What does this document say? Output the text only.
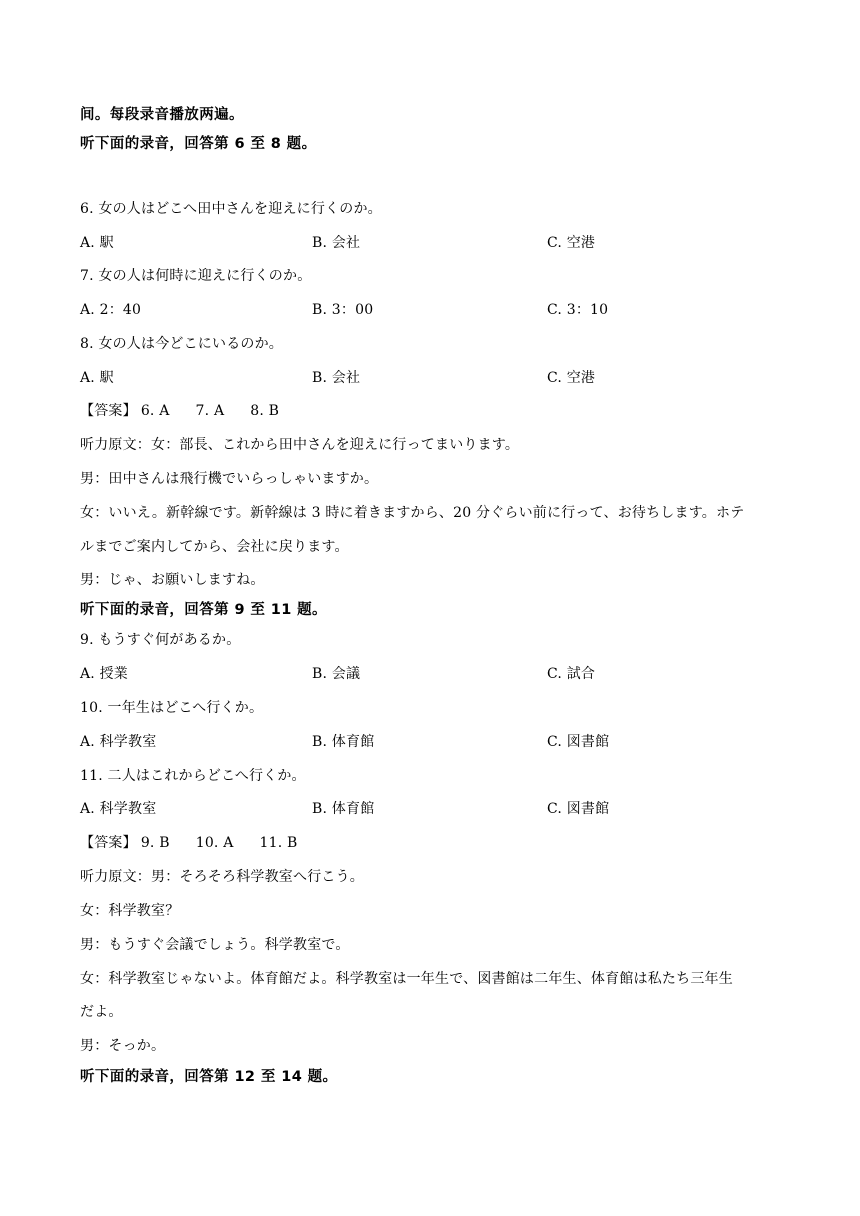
间。每段录音播放两遍。
听下面的录音，回答第 6 至 8 题。
6. 女の人はどこへ田中さんを迎えに行くのか。
A. 駅	B. 会社	C. 空港
7. 女の人は何時に迎えに行くのか。
A. 2：40	B. 3：00	C. 3：10
8. 女の人は今どこにいるのか。
A. 駅	B. 会社	C. 空港
【答案】 6. A 7. A 8. B
听力原文：女：部長、これから田中さんを迎えに行ってまいります。
男：田中さんは飛行機でいらっしゃいますか。
女：いいえ。新幹線です。新幹線は 3 時に着きますから、20 分ぐらい前に行って、お待ちします。ホテ
ルまでご案内してから、会社に戻ります。
男：じゃ、お願いしますね。
听下面的录音，回答第 9 至 11 题。
9. もうすぐ何があるか。
A. 授業	B. 会議	C. 試合
10. 一年生はどこへ行くか。
A. 科学教室	B. 体育館	C. 図書館
11. 二人はこれからどこへ行くか。
A. 科学教室	B. 体育館	C. 図書館
【答案】 9. B 10. A 11. B
听力原文：男：そろそろ科学教室へ行こう。
女：科学教室？
男：もうすぐ会議でしょう。科学教室で。
女：科学教室じゃないよ。体育館だよ。科学教室は一年生で、図書館は二年生、体育館は私たち三年生
だよ。
男：そっか。
听下面的录音，回答第 12 至 14 题。
